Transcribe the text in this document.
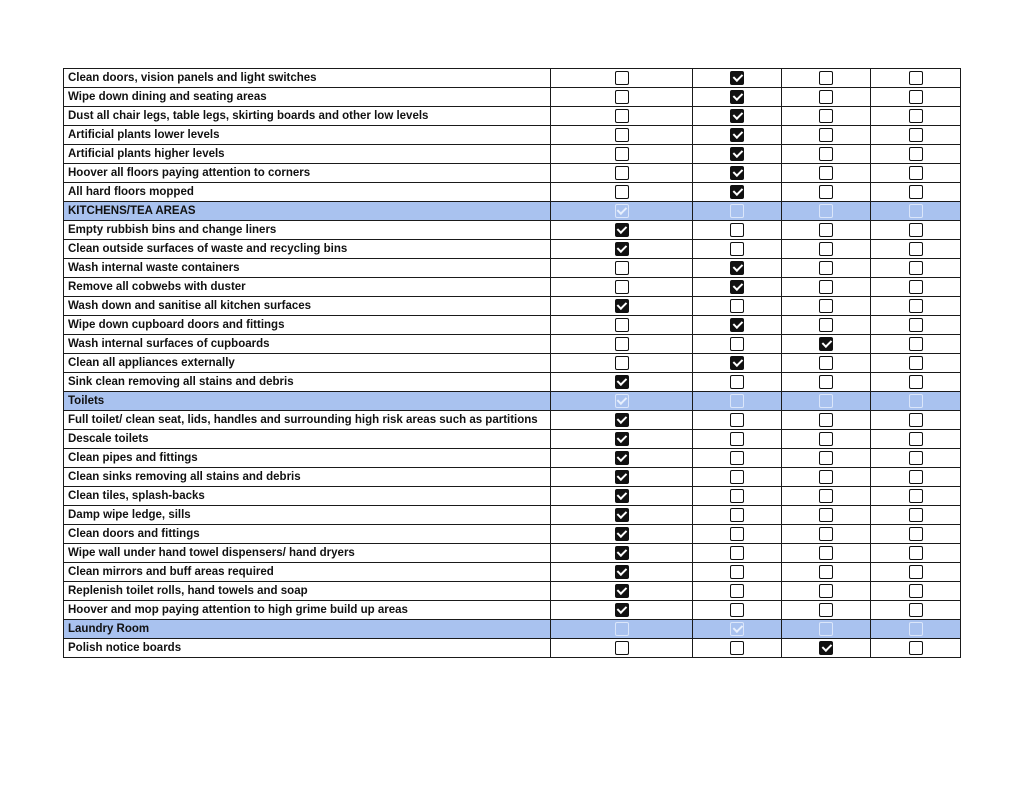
Clean doors, vision panels and light switches				
Wipe down dining and seating areas				
Dust all chair legs, table legs, skirting boards and other low levels				
Artificial plants lower levels				
Artificial plants higher levels				
Hoover all floors paying attention to corners				
All hard floors mopped				
KITCHENS/TEA AREAS				
Empty rubbish bins and change liners				
Clean outside surfaces of waste and recycling bins				
Wash internal waste containers				
Remove all cobwebs with duster				
Wash down and sanitise all kitchen surfaces				
Wipe down cupboard doors and fittings				
Wash internal surfaces of cupboards				
Clean all appliances externally				
Sink clean removing all stains and debris				
Toilets				
Full toilet/ clean seat, lids, handles and surrounding high risk areas such as partitions				
Descale toilets				
Clean pipes and fittings				
Clean sinks removing all stains and debris				
Clean tiles, splash-backs				
Damp wipe ledge, sills				
Clean doors and fittings				
Wipe wall under hand towel dispensers/ hand dryers				
Clean mirrors and buff areas required				
Replenish toilet rolls, hand towels and soap				
Hoover and mop paying attention to high grime build up areas				
Laundry Room				
Polish notice boards				
